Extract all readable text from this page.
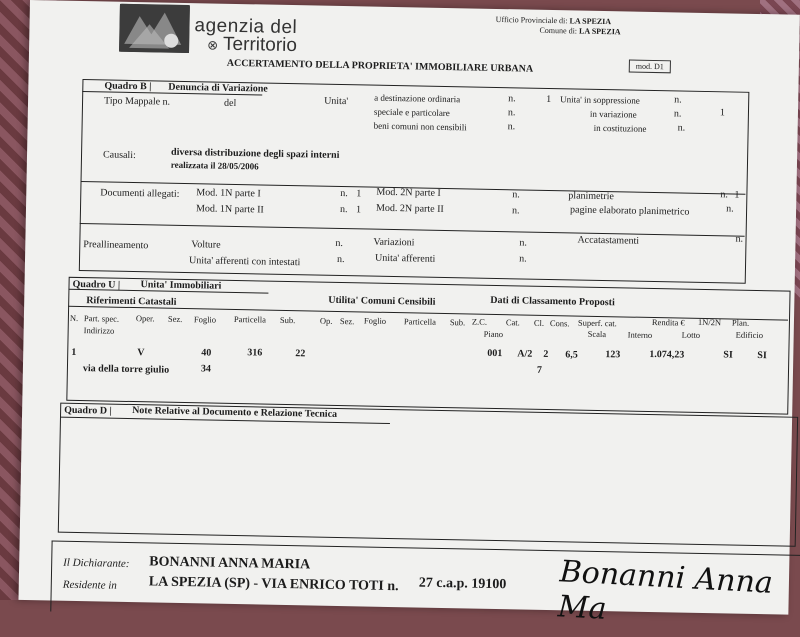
agenzia del
⊗ Territorio
Ufficio Provinciale di: LA SPEZIA
Comune di: LA SPEZIA
ACCERTAMENTO DELLA PROPRIETA' IMMOBILIARE URBANA	mod. D1
Quadro B | Denuncia di Variazione
Tipo Mappale n.	del	Unita'	a destinazione ordinaria	n.	1
speciale e particolare	n.
beni comuni non censibili	n.
Unita' in soppressione	n.
in variazione	n.	1
in costituzione	n.
Causali:	diversa distribuzione degli spazi interni
realizzata il 28/05/2006
Documenti allegati: Mod. 1N parte I	n. 1
Mod. 1N parte II	n. 1
Mod. 2N parte I	n.
Mod. 2N parte II	n.
planimetrie	n. 1
pagine elaborato planimetrico	n.
Preallineamento	Volture	n.	Variazioni	n.	Accatastamenti	n.
Unita' afferenti con intestati	n.	Unita' afferenti	n.
Quadro U | Unita' Immobiliari
Riferimenti Catastali	Utilita' Comuni Censibili	Dati di Classamento Proposti
N. Part. spec. Oper. Sez. Foglio Particella Sub.	Op. Sez. Foglio Particella Sub. Z.C. Cat. Cl. Cons. Superf. cat.	Rendita € 1N/2N Plan.
Indirizzo	Piano	Scala	Interno	Lotto	Edificio
1	V	40	316	22	001 A/2 2 6,5	123	1.074,23	SI SI
via della torre giulio	34	7
Quadro D | Note Relative al Documento e Relazione Tecnica
Il Dichiarante: BONANNI ANNA MARIA
Residente in LA SPEZIA (SP) - VIA ENRICO TOTI n. 27 c.a.p. 19100 Bonanni Anna Ma
